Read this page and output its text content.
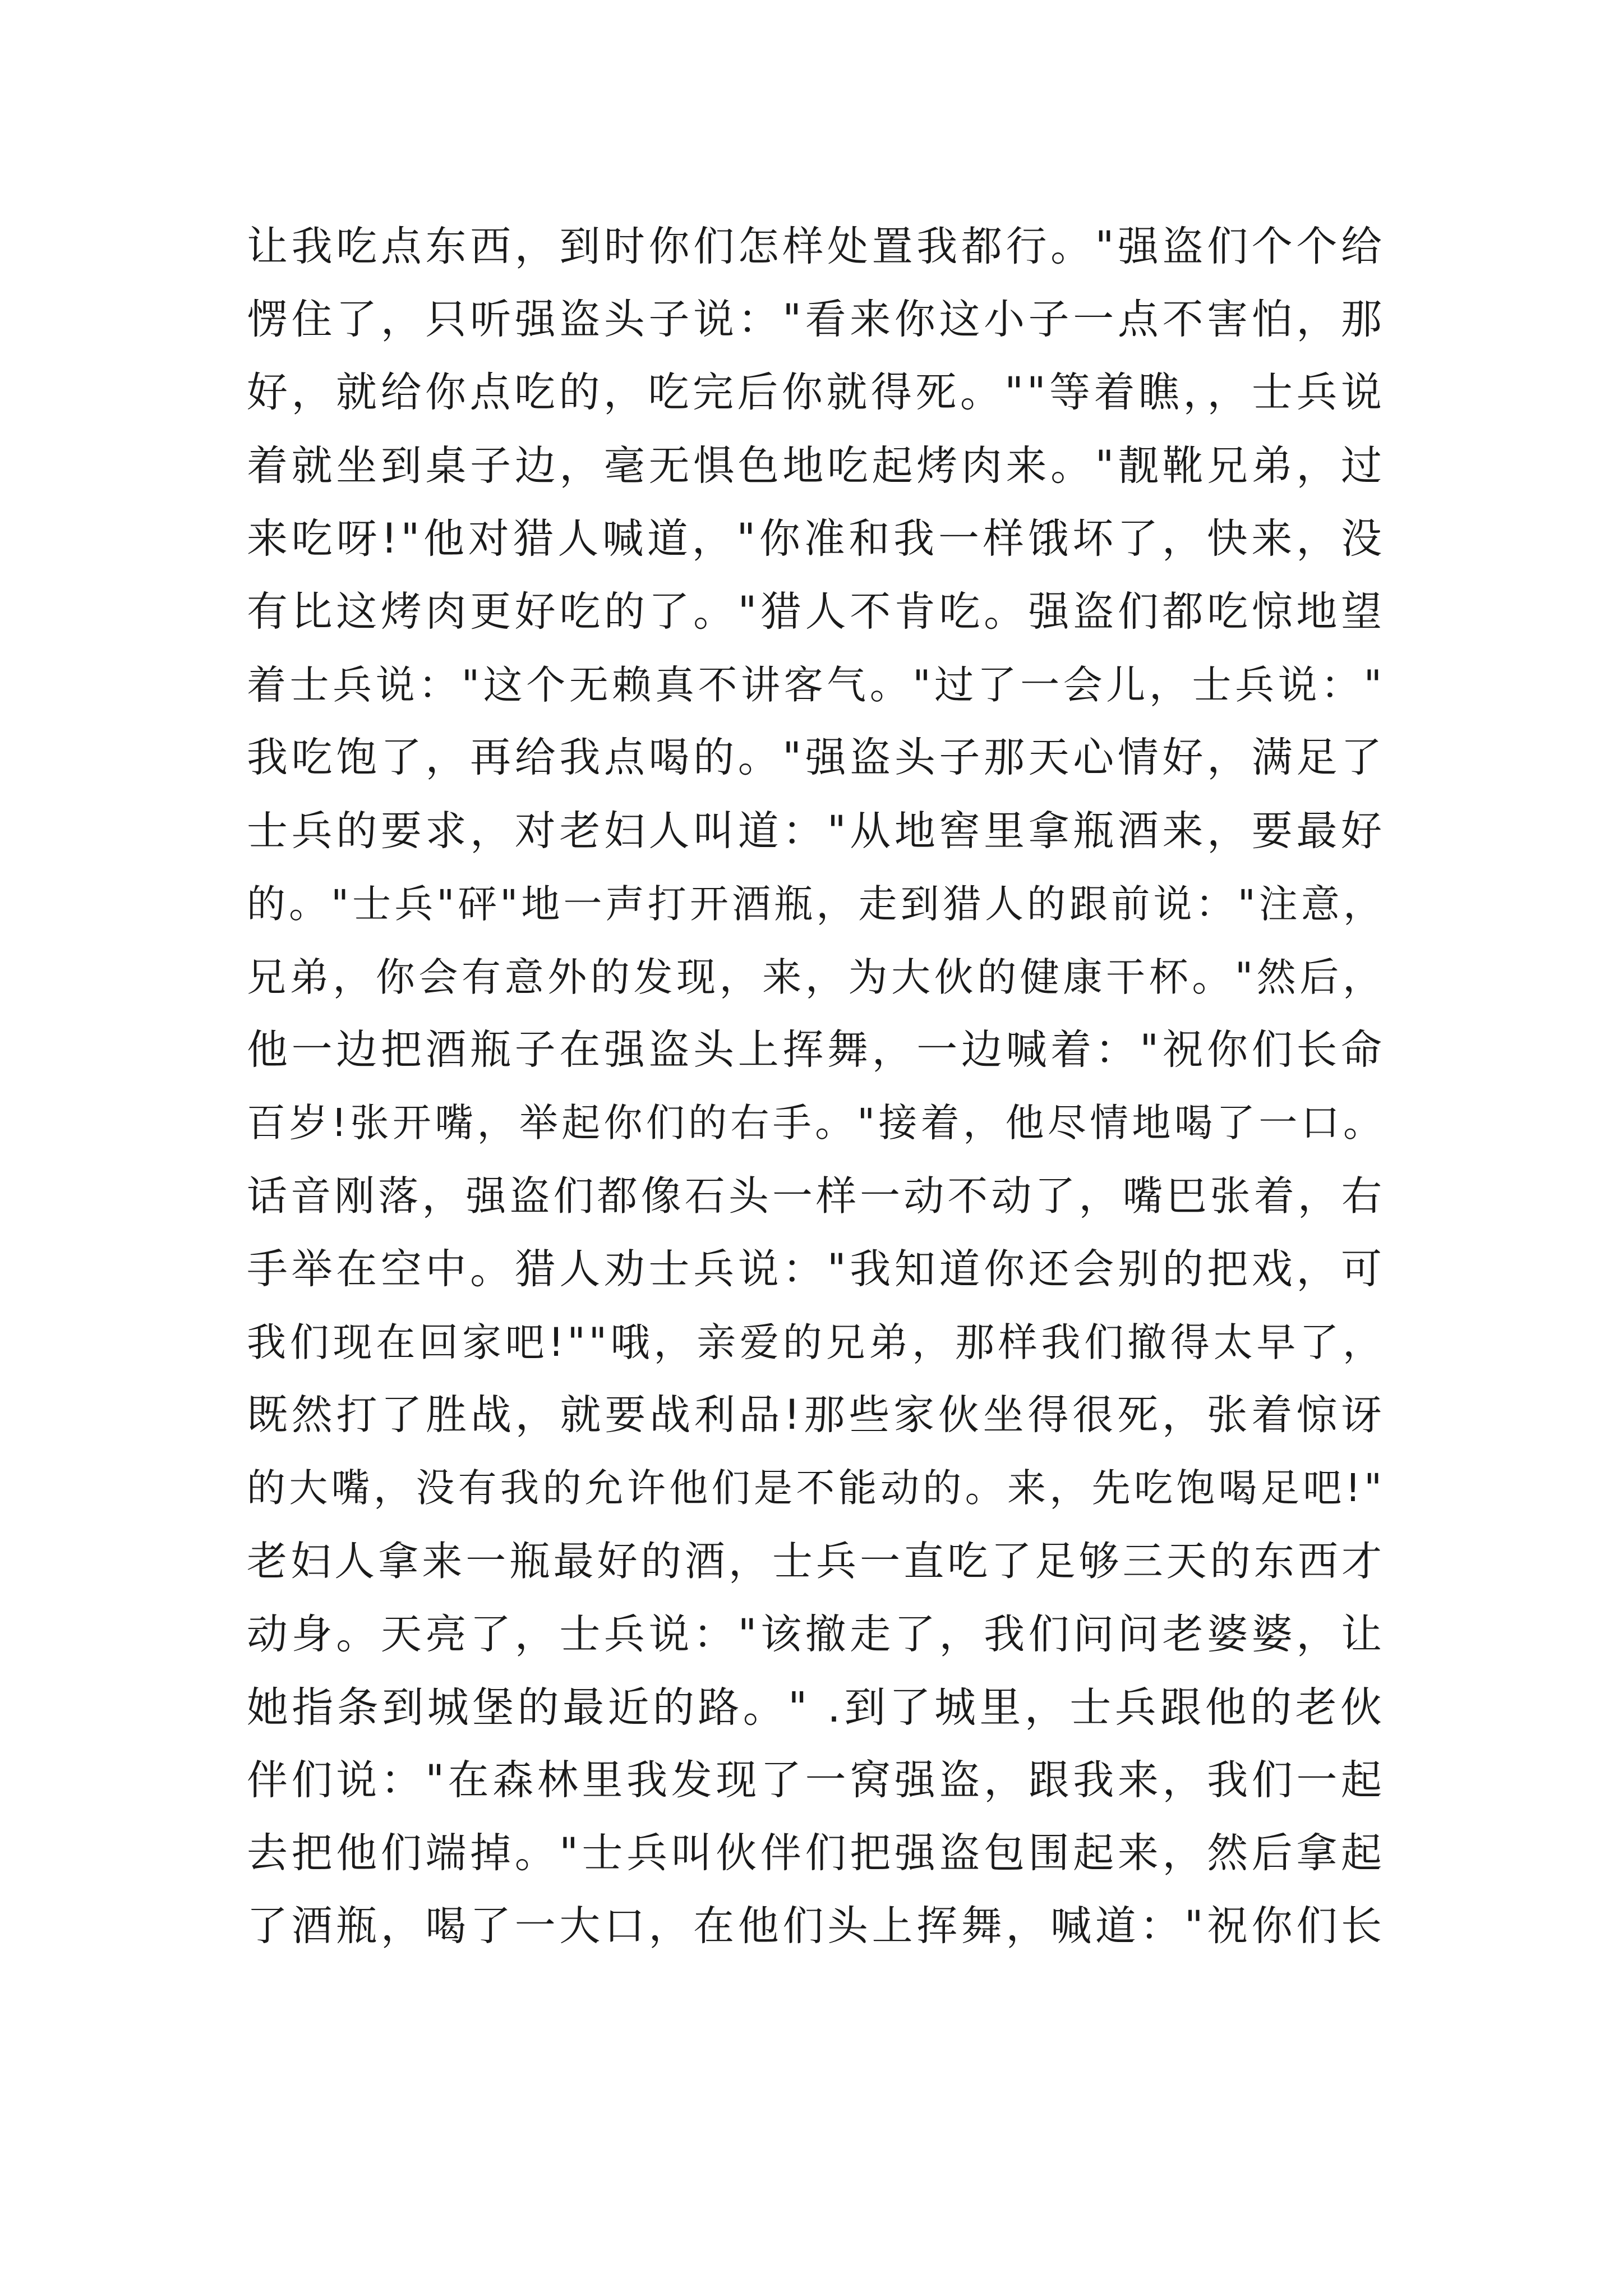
让我吃点东西，到时你们怎样处置我都行。"强盗们个个给
愣住了，只听强盗头子说："看来你这小子一点不害怕，那
好，就给你点吃的，吃完后你就得死。""等着瞧，，士兵说
着就坐到桌子边，毫无惧色地吃起烤肉来。"靓靴兄弟，过
来吃呀!"他对猎人喊道，"你准和我一样饿坏了，快来，没
有比这烤肉更好吃的了。"猎人不肯吃。强盗们都吃惊地望
着士兵说："这个无赖真不讲客气。"过了一会儿，士兵说："
我吃饱了，再给我点喝的。"强盗头子那天心情好，满足了
士兵的要求，对老妇人叫道："从地窖里拿瓶酒来，要最好
的。"士兵"砰"地一声打开酒瓶，走到猎人的跟前说："注意，
兄弟，你会有意外的发现，来，为大伙的健康干杯。"然后，
他一边把酒瓶子在强盗头上挥舞，一边喊着："祝你们长命
百岁!张开嘴，举起你们的右手。"接着，他尽情地喝了一口。
话音刚落，强盗们都像石头一样一动不动了，嘴巴张着，右
手举在空中。猎人劝士兵说："我知道你还会别的把戏，可
我们现在回家吧!""哦，亲爱的兄弟，那样我们撤得太早了，
既然打了胜战，就要战利品!那些家伙坐得很死，张着惊讶
的大嘴，没有我的允许他们是不能动的。来，先吃饱喝足吧!"
老妇人拿来一瓶最好的酒，士兵一直吃了足够三天的东西才
动身。天亮了，士兵说："该撤走了，我们问问老婆婆，让
她指条到城堡的最近的路。" .到了城里，士兵跟他的老伙
伴们说："在森林里我发现了一窝强盗，跟我来，我们一起
去把他们端掉。"士兵叫伙伴们把强盗包围起来，然后拿起
了酒瓶，喝了一大口，在他们头上挥舞，喊道："祝你们长
